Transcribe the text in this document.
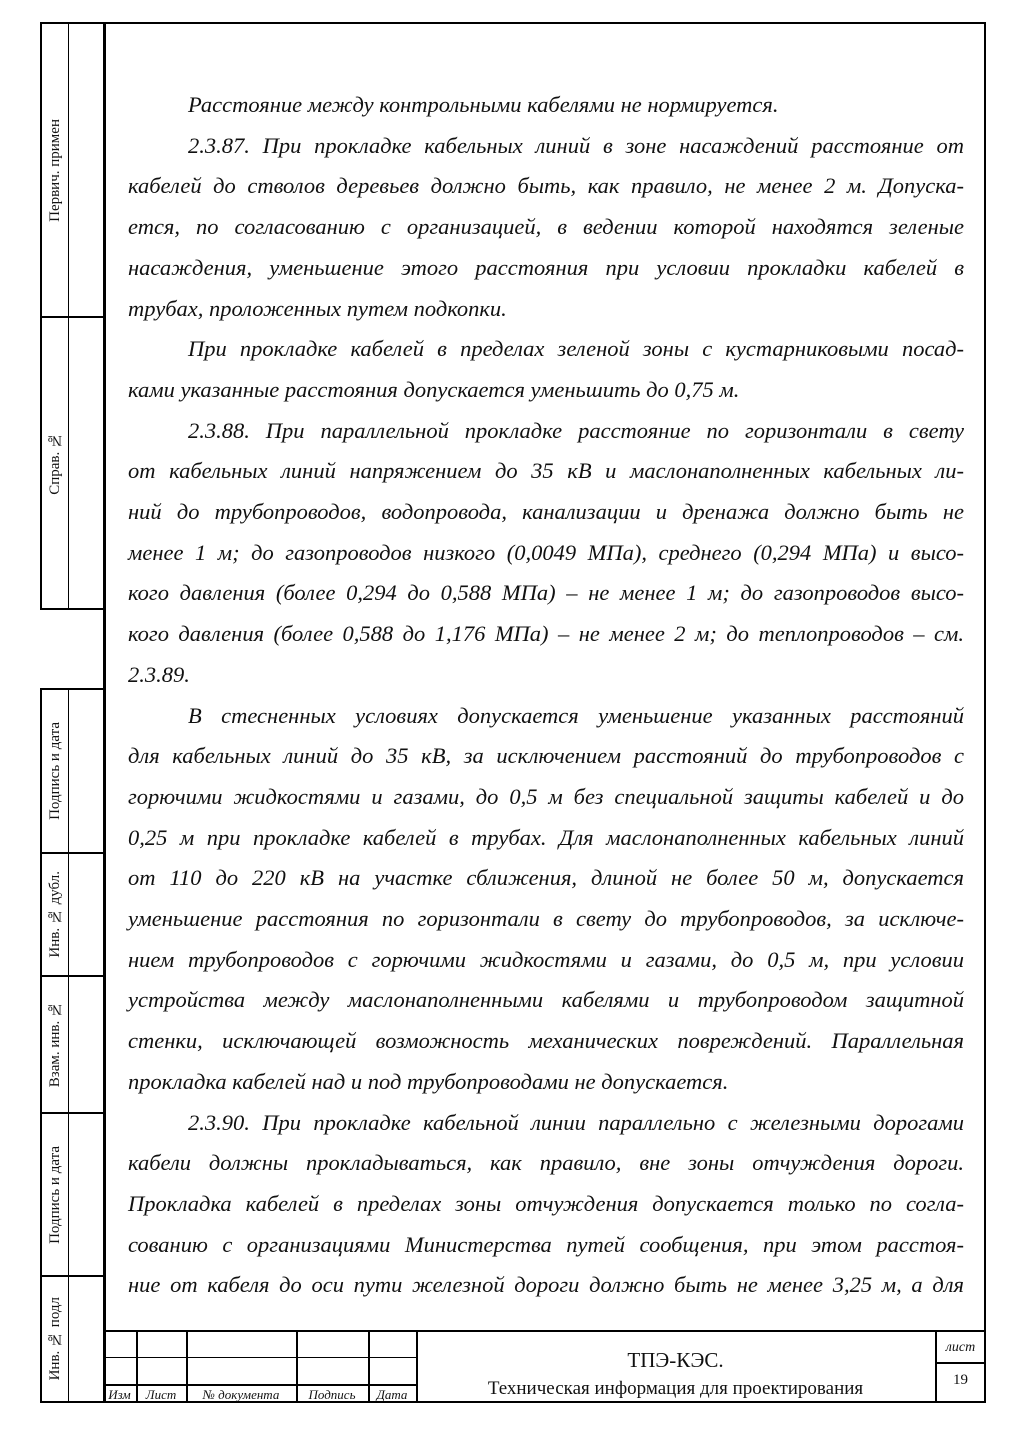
Первич. примен
Справ. №
Подпись и дата
Инв. № дубл.
Взам. инв. №
Подпись и дата
Инв. № подл
Расстояние между контрольными кабелями не нормируется.
2.3.87. При прокладке кабельных линий в зоне насаждений расстояние от
кабелей до стволов деревьев должно быть, как правило, не менее 2 м. Допуска-
ется, по согласованию с организацией, в ведении которой находятся зеленые
насаждения, уменьшение этого расстояния при условии прокладки кабелей в
трубах, проложенных путем подкопки.
При прокладке кабелей в пределах зеленой зоны с кустарниковыми посад-
ками указанные расстояния допускается уменьшить до 0,75 м.
2.3.88. При параллельной прокладке расстояние по горизонтали в свету
от кабельных линий напряжением до 35 кВ и маслонаполненных кабельных ли-
ний до трубопроводов, водопровода, канализации и дренажа должно быть не
менее 1 м; до газопроводов низкого (0,0049 МПа), среднего (0,294 МПа) и высо-
кого давления (более 0,294 до 0,588 МПа) – не менее 1 м; до газопроводов высо-
кого давления (более 0,588 до 1,176 МПа) – не менее 2 м; до теплопроводов – см.
2.3.89.
В стесненных условиях допускается уменьшение указанных расстояний
для кабельных линий до 35 кВ, за исключением расстояний до трубопроводов с
горючими жидкостями и газами, до 0,5 м без специальной защиты кабелей и до
0,25 м при прокладке кабелей в трубах. Для маслонаполненных кабельных линий
от 110 до 220 кВ на участке сближения, длиной не более 50 м, допускается
уменьшение расстояния по горизонтали в свету до трубопроводов, за исключе-
нием трубопроводов с горючими жидкостями и газами, до 0,5 м, при условии
устройства между маслонаполненными кабелями и трубопроводом защитной
стенки, исключающей возможность механических повреждений. Параллельная
прокладка кабелей над и под трубопроводами не допускается.
2.3.90. При прокладке кабельной линии параллельно с железными дорогами
кабели должны прокладываться, как правило, вне зоны отчуждения дороги.
Прокладка кабелей в пределах зоны отчуждения допускается только по согла-
сованию с организациями Министерства путей сообщения, при этом расстоя-
ние от кабеля до оси пути железной дороги должно быть не менее 3,25 м, а для
Изм	Лист	№ документа	Подпись	Дата
ТПЭ-КЭС.
Техническая информация для проектирования
лист
19
